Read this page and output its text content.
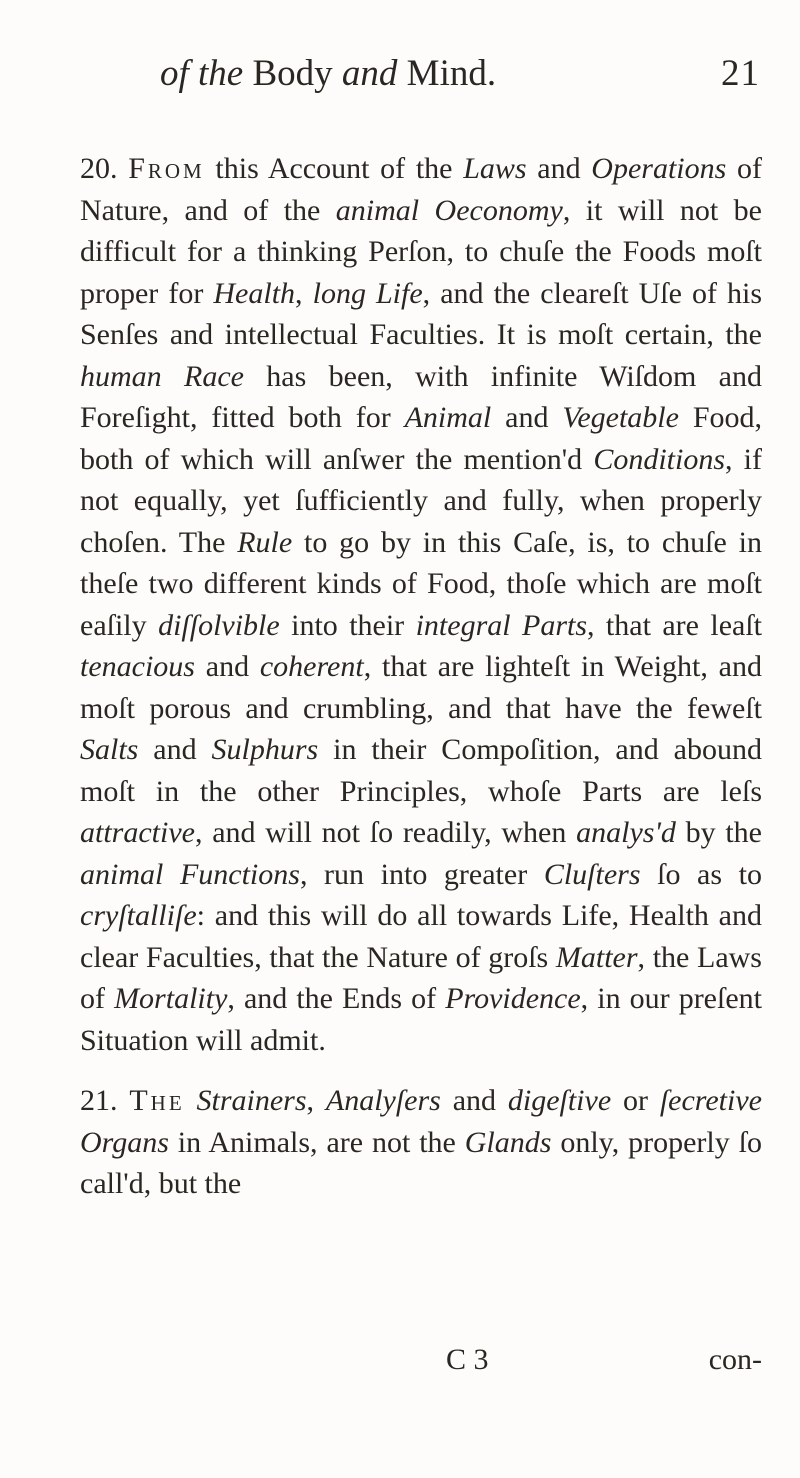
of the Body and Mind.	21

20. From this Account of the Laws and Operations of Nature, and of the animal Oeconomy, it will not be difficult for a thinking Perſon, to chuſe the Foods moſt proper for Health, long Life, and the cleareſt Uſe of his Senſes and intellectual Faculties. It is moſt certain, the human Race has been, with infinite Wiſdom and Foreſight, fitted both for Animal and Vegetable Food, both of which will anſwer the mention'd Conditions, if not equally, yet ſufficiently and fully, when properly choſen. The Rule to go by in this Caſe, is, to chuſe in theſe two different kinds of Food, thoſe which are moſt eaſily diſſolvible into their integral Parts, that are leaſt tenacious and coherent, that are lighteſt in Weight, and moſt porous and crumbling, and that have the feweſt Salts and Sulphurs in their Compoſition, and abound moſt in the other Principles, whoſe Parts are leſs attractive, and will not ſo readily, when analys'd by the animal Functions, run into greater Cluſters ſo as to cryſtalliſe: and this will do all towards Life, Health and clear Faculties, that the Nature of groſs Matter, the Laws of Mortality, and the Ends of Providence, in our preſent Situation will admit.

21. The Strainers, Analyſers and digeſtive or ſecretive Organs in Animals, are not the Glands only, properly ſo call'd, but the

C 3	con-
